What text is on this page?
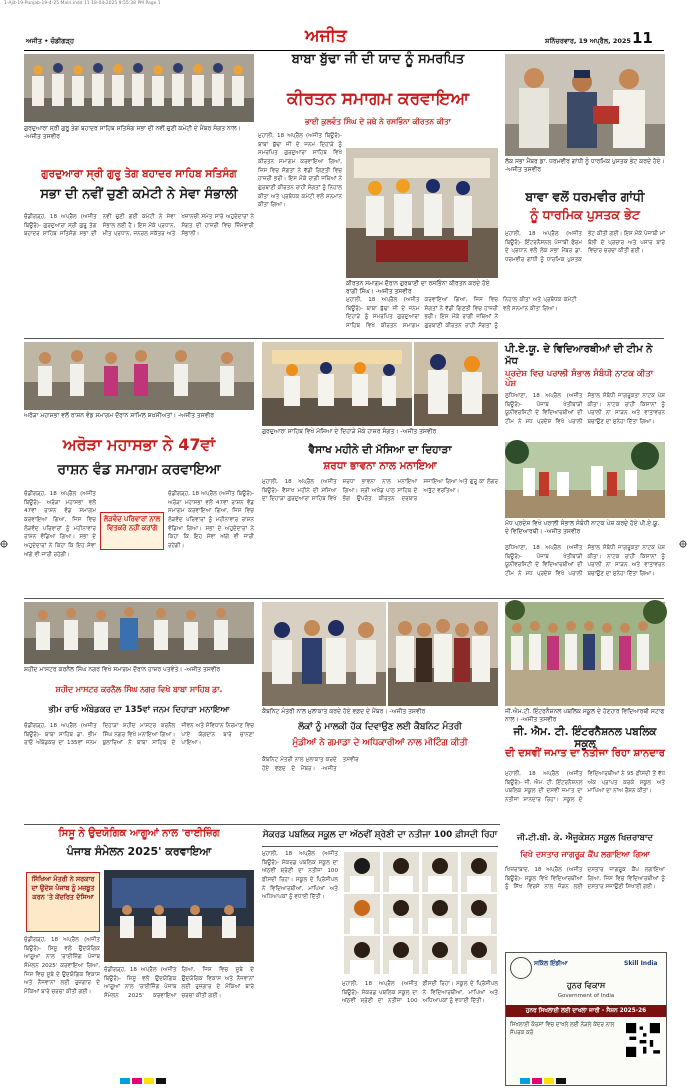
1-Ajit-19-Punjab-19-4-25 Main.indd 11 18-04-2025 9:55:38 PM Page 1
ਅਜੀਤ • ਚੰਡੀਗੜ੍ਹ	ਅਜੀਤ	ਸ਼ਨਿੱਚਰਵਾਰ, 19 ਅਪ੍ਰੈਲ, 2025 11
ਬਾਬਾ ਬੁੱਢਾ ਜੀ ਦੀ ਯਾਦ ਨੂੰ ਸਮਰਪਿਤ
ਕੀਰਤਨ ਸਮਾਗਮ ਕਰਵਾਇਆ
ਭਾਈ ਕੁਲਵੰਤ ਸਿੰਘ ਦੇ ਜਥੇ ਨੇ ਰਸਭਿੰਨਾ ਕੀਰਤਨ ਕੀਤਾ
ਗੁਰਦੁਆਰਾ ਸ੍ਰੀ ਗੁਰੂ ਤੇਗ ਬਹਾਦਰ ਸਾਹਿਬ ਸਤਿਸੰਗ ਸਭਾ ਦੀ ਨਵੀਂ ਚੁਣੀ ਕਮੇਟੀ ਦੇ ਮੈਂਬਰ ਸੰਗਤ ਨਾਲ। -ਅਜੀਤ ਤਸਵੀਰ
ਲੋਕ ਸਭਾ ਮੈਂਬਰ ਡਾ. ਧਰਮਵੀਰ ਗਾਂਧੀ ਨੂੰ ਧਾਰਮਿਕ ਪੁਸਤਕ ਭੇਟ ਕਰਦੇ ਹੋਏ। -ਅਜੀਤ ਤਸਵੀਰ
ਗੁਰਦੁਆਰਾ ਸ੍ਰੀ ਗੁਰੂ ਤੇਗ ਬਹਾਦਰ ਸਾਹਿਬ ਸਤਿਸੰਗ
ਸਭਾ ਦੀ ਨਵੀਂ ਚੁਣੀ ਕਮੇਟੀ ਨੇ ਸੇਵਾ ਸੰਭਾਲੀ
ਚੰਡੀਗੜ੍ਹ, 18 ਅਪ੍ਰੈਲ (ਅਜੀਤ ਬਿਊਰੋ)- ਗੁਰਦੁਆਰਾ ਸ੍ਰੀ ਗੁਰੂ ਤੇਗ ਬਹਾਦਰ ਸਾਹਿਬ ਸਤਿਸੰਗ ਸਭਾ ਦੀ ਨਵੀਂ ਚੁਣੀ ਗਈ ਕਮੇਟੀ ਨੇ ਸੇਵਾ ਸੰਭਾਲ ਲਈ ਹੈ। ਇਸ ਮੌਕੇ ਪ੍ਰਧਾਨ, ਮੀਤ ਪ੍ਰਧਾਨ, ਜਨਰਲ ਸਕੱਤਰ ਅਤੇ ਖਜ਼ਾਨਚੀ ਸਮੇਤ ਸਾਰੇ ਅਹੁਦੇਦਾਰਾਂ ਨੇ ਸੰਗਤ ਦੀ ਹਾਜ਼ਰੀ ਵਿਚ ਜ਼ਿੰਮੇਵਾਰੀ ਸੰਭਾਲੀ।
ਮੁਹਾਲੀ, 18 ਅਪ੍ਰੈਲ (ਅਜੀਤ ਬਿਊਰੋ)- ਬਾਬਾ ਬੁੱਢਾ ਜੀ ਦੇ ਜਨਮ ਦਿਹਾੜੇ ਨੂੰ ਸਮਰਪਿਤ ਗੁਰਦੁਆਰਾ ਸਾਹਿਬ ਵਿਖੇ ਕੀਰਤਨ ਸਮਾਗਮ ਕਰਵਾਇਆ ਗਿਆ, ਜਿਸ ਵਿਚ ਸੰਗਤਾਂ ਨੇ ਵੱਡੀ ਗਿਣਤੀ ਵਿਚ ਹਾਜ਼ਰੀ ਭਰੀ। ਇਸ ਮੌਕੇ ਰਾਗੀ ਜਥਿਆਂ ਨੇ ਗੁਰਬਾਣੀ ਕੀਰਤਨ ਰਾਹੀਂ ਸੰਗਤਾਂ ਨੂੰ ਨਿਹਾਲ ਕੀਤਾ ਅਤੇ ਪ੍ਰਬੰਧਕ ਕਮੇਟੀ ਵਲੋਂ ਸਨਮਾਨ ਕੀਤਾ ਗਿਆ।
ਕੀਰਤਨ ਸਮਾਗਮ ਦੌਰਾਨ ਗੁਰਬਾਣੀ ਦਾ ਰਸਭਿੰਨਾ ਕੀਰਤਨ ਕਰਦੇ ਹੋਏ ਰਾਗੀ ਸਿੰਘ। -ਅਜੀਤ ਤਸਵੀਰ
ਮੁਹਾਲੀ, 18 ਅਪ੍ਰੈਲ (ਅਜੀਤ ਬਿਊਰੋ)- ਬਾਬਾ ਬੁੱਢਾ ਜੀ ਦੇ ਜਨਮ ਦਿਹਾੜੇ ਨੂੰ ਸਮਰਪਿਤ ਗੁਰਦੁਆਰਾ ਸਾਹਿਬ ਵਿਖੇ ਕੀਰਤਨ ਸਮਾਗਮ ਕਰਵਾਇਆ ਗਿਆ, ਜਿਸ ਵਿਚ ਸੰਗਤਾਂ ਨੇ ਵੱਡੀ ਗਿਣਤੀ ਵਿਚ ਹਾਜ਼ਰੀ ਭਰੀ। ਇਸ ਮੌਕੇ ਰਾਗੀ ਜਥਿਆਂ ਨੇ ਗੁਰਬਾਣੀ ਕੀਰਤਨ ਰਾਹੀਂ ਸੰਗਤਾਂ ਨੂੰ ਨਿਹਾਲ ਕੀਤਾ ਅਤੇ ਪ੍ਰਬੰਧਕ ਕਮੇਟੀ ਵਲੋਂ ਸਨਮਾਨ ਕੀਤਾ ਗਿਆ।
ਬਾਵਾ ਵਲੋਂ ਧਰਮਵੀਰ ਗਾਂਧੀ
ਨੂੰ ਧਾਰਮਿਕ ਪੁਸਤਕ ਭੇਟ
ਮੁਹਾਲੀ, 18 ਅਪ੍ਰੈਲ (ਅਜੀਤ ਬਿਊਰੋ)- ਇੰਟਰਨੈਸ਼ਨਲ ਪੰਜਾਬੀ ਫੋਰਮ ਦੇ ਪ੍ਰਧਾਨ ਵਲੋਂ ਲੋਕ ਸਭਾ ਮੈਂਬਰ ਡਾ. ਧਰਮਵੀਰ ਗਾਂਧੀ ਨੂੰ ਧਾਰਮਿਕ ਪੁਸਤਕ ਭੇਟ ਕੀਤੀ ਗਈ। ਇਸ ਮੌਕੇ ਪੰਜਾਬੀ ਮਾਂ ਬੋਲੀ ਦੇ ਪ੍ਰਚਾਰ ਅਤੇ ਪਸਾਰ ਬਾਰੇ ਵਿਚਾਰ ਚਰਚਾ ਕੀਤੀ ਗਈ।
ਅਰੋੜਾ ਮਹਾਸਭਾ ਵਲੋਂ ਰਾਸ਼ਨ ਵੰਡ ਸਮਾਗਮ ਦੌਰਾਨ ਸ਼ਾਮਿਲ ਸ਼ਖ਼ਸੀਅਤਾਂ। -ਅਜੀਤ ਤਸਵੀਰ
ਅਰੋੜਾ ਮਹਾਸਭਾ ਨੇ 47ਵਾਂ
ਰਾਸ਼ਨ ਵੰਡ ਸਮਾਗਮ ਕਰਵਾਇਆ
ਚੰਡੀਗੜ੍ਹ, 18 ਅਪ੍ਰੈਲ (ਅਜੀਤ ਬਿਊਰੋ)- ਅਰੋੜਾ ਮਹਾਸਭਾ ਵਲੋਂ 47ਵਾਂ ਰਾਸ਼ਨ ਵੰਡ ਸਮਾਗਮ ਕਰਵਾਇਆ ਗਿਆ, ਜਿਸ ਵਿਚ ਲੋੜਵੰਦ ਪਰਿਵਾਰਾਂ ਨੂੰ ਮਹੀਨਾਵਾਰ ਰਾਸ਼ਨ ਵੰਡਿਆ ਗਿਆ। ਸਭਾ ਦੇ ਅਹੁਦੇਦਾਰਾਂ ਨੇ ਕਿਹਾ ਕਿ ਇਹ ਸੇਵਾ ਅੱਗੇ ਵੀ ਜਾਰੀ ਰਹੇਗੀ।
ਲੋੜਵੰਦ ਪਰਿਵਾਰਾਂ ਨਾਲ ਵਿਤਕਰੇ ਨਹੀਂ ਕਰਾਂਗੇ
ਚੰਡੀਗੜ੍ਹ, 18 ਅਪ੍ਰੈਲ (ਅਜੀਤ ਬਿਊਰੋ)- ਅਰੋੜਾ ਮਹਾਸਭਾ ਵਲੋਂ 47ਵਾਂ ਰਾਸ਼ਨ ਵੰਡ ਸਮਾਗਮ ਕਰਵਾਇਆ ਗਿਆ, ਜਿਸ ਵਿਚ ਲੋੜਵੰਦ ਪਰਿਵਾਰਾਂ ਨੂੰ ਮਹੀਨਾਵਾਰ ਰਾਸ਼ਨ ਵੰਡਿਆ ਗਿਆ। ਸਭਾ ਦੇ ਅਹੁਦੇਦਾਰਾਂ ਨੇ ਕਿਹਾ ਕਿ ਇਹ ਸੇਵਾ ਅੱਗੇ ਵੀ ਜਾਰੀ ਰਹੇਗੀ।
ਗੁਰਦੁਆਰਾ ਸਾਹਿਬ ਵਿਖੇ ਮੱਸਿਆ ਦੇ ਦਿਹਾੜੇ ਮੌਕੇ ਹਾਜ਼ਰ ਸੰਗਤ। -ਅਜੀਤ ਤਸਵੀਰ
ਵੈਸਾਖ ਮਹੀਨੇ ਦੀ ਮੱਸਿਆ ਦਾ ਦਿਹਾੜਾ
ਸ਼ਰਧਾ ਭਾਵਨਾ ਨਾਲ ਮਨਾਇਆ
ਮੁਹਾਲੀ, 18 ਅਪ੍ਰੈਲ (ਅਜੀਤ ਬਿਊਰੋ)- ਵੈਸਾਖ ਮਹੀਨੇ ਦੀ ਮੱਸਿਆ ਦਾ ਦਿਹਾੜਾ ਗੁਰਦੁਆਰਾ ਸਾਹਿਬ ਵਿਖੇ ਸ਼ਰਧਾ ਭਾਵਨਾ ਨਾਲ ਮਨਾਇਆ ਗਿਆ। ਸ੍ਰੀ ਅਖੰਡ ਪਾਠ ਸਾਹਿਬ ਦੇ ਭੋਗ ਉਪਰੰਤ ਕੀਰਤਨ ਦਰਬਾਰ ਸਜਾਇਆ ਗਿਆ ਅਤੇ ਗੁਰੂ ਕਾ ਲੰਗਰ ਅਤੁੱਟ ਵਰਤਿਆ।
ਪੀ.ਏ.ਯੂ. ਦੇ ਵਿਦਿਆਰਥੀਆਂ ਦੀ ਟੀਮ ਨੇ ਮੱਧ
ਪ੍ਰਦੇਸ਼ ਵਿਚ ਪਰਾਲੀ ਸੰਭਾਲ ਸੰਬੰਧੀ ਨਾਟਕ ਕੀਤਾ ਪੇਸ਼
ਲੁਧਿਆਣਾ, 18 ਅਪ੍ਰੈਲ (ਅਜੀਤ ਬਿਊਰੋ)- ਪੰਜਾਬ ਖੇਤੀਬਾੜੀ ਯੂਨੀਵਰਸਿਟੀ ਦੇ ਵਿਦਿਆਰਥੀਆਂ ਦੀ ਟੀਮ ਨੇ ਮੱਧ ਪ੍ਰਦੇਸ਼ ਵਿਖੇ ਪਰਾਲੀ ਸੰਭਾਲ ਸੰਬੰਧੀ ਜਾਗਰੂਕਤਾ ਨਾਟਕ ਪੇਸ਼ ਕੀਤਾ। ਨਾਟਕ ਰਾਹੀਂ ਕਿਸਾਨਾਂ ਨੂੰ ਪਰਾਲੀ ਨਾ ਸਾੜਨ ਅਤੇ ਵਾਤਾਵਰਨ ਬਚਾਉਣ ਦਾ ਸੁਨੇਹਾ ਦਿੱਤਾ ਗਿਆ।
ਮੱਧ ਪ੍ਰਦੇਸ਼ ਵਿਖੇ ਪਰਾਲੀ ਸੰਭਾਲ ਸੰਬੰਧੀ ਨਾਟਕ ਪੇਸ਼ ਕਰਦੇ ਹੋਏ ਪੀ.ਏ.ਯੂ. ਦੇ ਵਿਦਿਆਰਥੀ। -ਅਜੀਤ ਤਸਵੀਰ
ਲੁਧਿਆਣਾ, 18 ਅਪ੍ਰੈਲ (ਅਜੀਤ ਬਿਊਰੋ)- ਪੰਜਾਬ ਖੇਤੀਬਾੜੀ ਯੂਨੀਵਰਸਿਟੀ ਦੇ ਵਿਦਿਆਰਥੀਆਂ ਦੀ ਟੀਮ ਨੇ ਮੱਧ ਪ੍ਰਦੇਸ਼ ਵਿਖੇ ਪਰਾਲੀ ਸੰਭਾਲ ਸੰਬੰਧੀ ਜਾਗਰੂਕਤਾ ਨਾਟਕ ਪੇਸ਼ ਕੀਤਾ। ਨਾਟਕ ਰਾਹੀਂ ਕਿਸਾਨਾਂ ਨੂੰ ਪਰਾਲੀ ਨਾ ਸਾੜਨ ਅਤੇ ਵਾਤਾਵਰਨ ਬਚਾਉਣ ਦਾ ਸੁਨੇਹਾ ਦਿੱਤਾ ਗਿਆ।
ਸ਼ਹੀਦ ਮਾਸਟਰ ਕਰਨੈਲ ਸਿੰਘ ਨਗਰ ਵਿਖੇ ਸਮਾਗਮ ਦੌਰਾਨ ਹਾਜ਼ਰ ਪਤਵੰਤੇ। -ਅਜੀਤ ਤਸਵੀਰ
ਸ਼ਹੀਦ ਮਾਸਟਰ ਕਰਨੈਲ ਸਿੰਘ ਨਗਰ ਵਿਖੇ ਬਾਬਾ ਸਾਹਿਬ ਡਾ.
ਭੀਮ ਰਾਓ ਅੰਬੇਡਕਰ ਦਾ 135ਵਾਂ ਜਨਮ ਦਿਹਾੜਾ ਮਨਾਇਆ
ਚੰਡੀਗੜ੍ਹ, 18 ਅਪ੍ਰੈਲ (ਅਜੀਤ ਬਿਊਰੋ)- ਬਾਬਾ ਸਾਹਿਬ ਡਾ. ਭੀਮ ਰਾਓ ਅੰਬੇਡਕਰ ਦਾ 135ਵਾਂ ਜਨਮ ਦਿਹਾੜਾ ਸ਼ਹੀਦ ਮਾਸਟਰ ਕਰਨੈਲ ਸਿੰਘ ਨਗਰ ਵਿਖੇ ਮਨਾਇਆ ਗਿਆ। ਬੁਲਾਰਿਆਂ ਨੇ ਬਾਬਾ ਸਾਹਿਬ ਦੇ ਜੀਵਨ ਅਤੇ ਸੰਵਿਧਾਨ ਨਿਰਮਾਣ ਵਿਚ ਪਾਏ ਯੋਗਦਾਨ ਬਾਰੇ ਚਾਨਣਾ ਪਾਇਆ।
ਕੈਬਨਿਟ ਮੰਤਰੀ ਨਾਲ ਮੁਲਾਕਾਤ ਕਰਦੇ ਹੋਏ ਵਫ਼ਦ ਦੇ ਮੈਂਬਰ। -ਅਜੀਤ ਤਸਵੀਰ
ਲੋਕਾਂ ਨੂੰ ਮਾਲਕੀ ਹੱਕ ਦਿਵਾਉਣ ਲਈ ਕੈਬਨਿਟ ਮੰਤਰੀ
ਮੁੰਡੀਆਂ ਨੇ ਗਮਾਡਾ ਦੇ ਅਧਿਕਾਰੀਆਂ ਨਾਲ ਮੀਟਿੰਗ ਕੀਤੀ
ਕੈਬਨਿਟ ਮੰਤਰੀ ਨਾਲ ਮੁਲਾਕਾਤ ਕਰਦੇ ਹੋਏ ਵਫ਼ਦ ਦੇ ਮੈਂਬਰ। -ਅਜੀਤ ਤਸਵੀਰ
ਜੀ.ਐਮ.ਟੀ. ਇੰਟਰਨੈਸ਼ਨਲ ਪਬਲਿਕ ਸਕੂਲ ਦੇ ਹੋਣਹਾਰ ਵਿਦਿਆਰਥੀ ਸਟਾਫ ਨਾਲ। -ਅਜੀਤ ਤਸਵੀਰ
ਜੀ. ਐਮ. ਟੀ. ਇੰਟਰਨੈਸ਼ਨਲ ਪਬਲਿਕ ਸਕੂਲ
ਦੀ ਦਸਵੀਂ ਜਮਾਤ ਦਾ ਨਤੀਜਾ ਰਿਹਾ ਸ਼ਾਨਦਾਰ
ਮੁਹਾਲੀ, 18 ਅਪ੍ਰੈਲ (ਅਜੀਤ ਬਿਊਰੋ)- ਜੀ. ਐਮ. ਟੀ. ਇੰਟਰਨੈਸ਼ਨਲ ਪਬਲਿਕ ਸਕੂਲ ਦੀ ਦਸਵੀਂ ਜਮਾਤ ਦਾ ਨਤੀਜਾ ਸ਼ਾਨਦਾਰ ਰਿਹਾ। ਸਕੂਲ ਦੇ ਵਿਦਿਆਰਥੀਆਂ ਨੇ 95 ਫ਼ੀਸਦੀ ਤੋਂ ਵੱਧ ਅੰਕ ਪ੍ਰਾਪਤ ਕਰਕੇ ਸਕੂਲ ਅਤੇ ਮਾਪਿਆਂ ਦਾ ਨਾਂਅ ਰੌਸ਼ਨ ਕੀਤਾ।
ਸਿਸੂ ਨੇ ਉਦਯੋਗਿਕ ਆਗੂਆਂ ਨਾਲ 'ਰਾਈਜ਼ਿੰਗ
ਪੰਜਾਬ ਸੰਮੇਲਨ 2025' ਕਰਵਾਇਆ
ਸਿੱਖਿਆ ਮੰਤਰੀ ਨੇ ਸਰਕਾਰ ਦਾ ਉਦੇਸ਼ ਪੰਜਾਬ ਨੂੰ ਮਜ਼ਬੂਤ ਕਰਨ 'ਤੇ ਕੇਂਦਰਿਤ ਦੱਸਿਆ
ਚੰਡੀਗੜ੍ਹ, 18 ਅਪ੍ਰੈਲ (ਅਜੀਤ ਬਿਊਰੋ)- ਸਿਸੂ ਵਲੋਂ ਉਦਯੋਗਿਕ ਆਗੂਆਂ ਨਾਲ 'ਰਾਈਜ਼ਿੰਗ ਪੰਜਾਬ ਸੰਮੇਲਨ 2025' ਕਰਵਾਇਆ ਗਿਆ, ਜਿਸ ਵਿਚ ਸੂਬੇ ਦੇ ਉਦਯੋਗਿਕ ਵਿਕਾਸ ਅਤੇ ਨੌਜਵਾਨਾਂ ਲਈ ਰੁਜ਼ਗਾਰ ਦੇ ਮੌਕਿਆਂ ਬਾਰੇ ਚਰਚਾ ਕੀਤੀ ਗਈ।
ਚੰਡੀਗੜ੍ਹ, 18 ਅਪ੍ਰੈਲ (ਅਜੀਤ ਬਿਊਰੋ)- ਸਿਸੂ ਵਲੋਂ ਉਦਯੋਗਿਕ ਆਗੂਆਂ ਨਾਲ 'ਰਾਈਜ਼ਿੰਗ ਪੰਜਾਬ ਸੰਮੇਲਨ 2025' ਕਰਵਾਇਆ ਗਿਆ, ਜਿਸ ਵਿਚ ਸੂਬੇ ਦੇ ਉਦਯੋਗਿਕ ਵਿਕਾਸ ਅਤੇ ਨੌਜਵਾਨਾਂ ਲਈ ਰੁਜ਼ਗਾਰ ਦੇ ਮੌਕਿਆਂ ਬਾਰੇ ਚਰਚਾ ਕੀਤੀ ਗਈ।
ਸੇਕਰਡ ਪਬਲਿਕ ਸਕੂਲ ਦਾ ਅੱਠਵੀਂ ਸ਼੍ਰੇਣੀ ਦਾ ਨਤੀਜਾ 100 ਫ਼ੀਸਦੀ ਰਿਹਾ
ਮੁਹਾਲੀ, 18 ਅਪ੍ਰੈਲ (ਅਜੀਤ ਬਿਊਰੋ)- ਸੇਕਰਡ ਪਬਲਿਕ ਸਕੂਲ ਦਾ ਅੱਠਵੀਂ ਸ਼੍ਰੇਣੀ ਦਾ ਨਤੀਜਾ 100 ਫ਼ੀਸਦੀ ਰਿਹਾ। ਸਕੂਲ ਦੇ ਪ੍ਰਿੰਸੀਪਲ ਨੇ ਵਿਦਿਆਰਥੀਆਂ, ਮਾਪਿਆਂ ਅਤੇ ਅਧਿਆਪਕਾਂ ਨੂੰ ਵਧਾਈ ਦਿੱਤੀ।
ਮੁਹਾਲੀ, 18 ਅਪ੍ਰੈਲ (ਅਜੀਤ ਬਿਊਰੋ)- ਸੇਕਰਡ ਪਬਲਿਕ ਸਕੂਲ ਦਾ ਅੱਠਵੀਂ ਸ਼੍ਰੇਣੀ ਦਾ ਨਤੀਜਾ 100 ਫ਼ੀਸਦੀ ਰਿਹਾ। ਸਕੂਲ ਦੇ ਪ੍ਰਿੰਸੀਪਲ ਨੇ ਵਿਦਿਆਰਥੀਆਂ, ਮਾਪਿਆਂ ਅਤੇ ਅਧਿਆਪਕਾਂ ਨੂੰ ਵਧਾਈ ਦਿੱਤੀ।
ਜੀ.ਟੀ.ਬੀ. ਕੇ. ਐਜੂਕੇਸ਼ਨ ਸਕੂਲ ਖਿਜ਼ਰਾਬਾਦ
ਵਿਖੇ ਦਸਤਾਰ ਜਾਗਰੂਕ ਕੈਂਪ ਲਗਾਇਆ ਗਿਆ
ਖਿਜ਼ਰਾਬਾਦ, 18 ਅਪ੍ਰੈਲ (ਅਜੀਤ ਬਿਊਰੋ)- ਸਕੂਲ ਵਿਖੇ ਵਿਦਿਆਰਥੀਆਂ ਨੂੰ ਸਿੱਖ ਵਿਰਸੇ ਨਾਲ ਜੋੜਨ ਲਈ ਦਸਤਾਰ ਜਾਗਰੂਕ ਕੈਂਪ ਲਗਾਇਆ ਗਿਆ, ਜਿਸ ਵਿਚ ਵਿਦਿਆਰਥੀਆਂ ਨੂੰ ਦਸਤਾਰ ਸਜਾਉਣੀ ਸਿਖਾਈ ਗਈ।
ਸਕਿੱਲ ਇੰਡੀਆ	Skill India
ਹੁਨਰ ਵਿਕਾਸ
Government of India
ਹੁਨਰ ਸਿਖਲਾਈ ਲਈ ਦਾਖਲਾ ਜਾਰੀ - ਸੈਸ਼ਨ 2025-26
ਸਿਖਲਾਈ ਕੋਰਸਾਂ ਵਿਚ ਦਾਖਲੇ ਲਈ ਨੇੜਲੇ ਕੇਂਦਰ ਨਾਲ ਸੰਪਰਕ ਕਰੋ
